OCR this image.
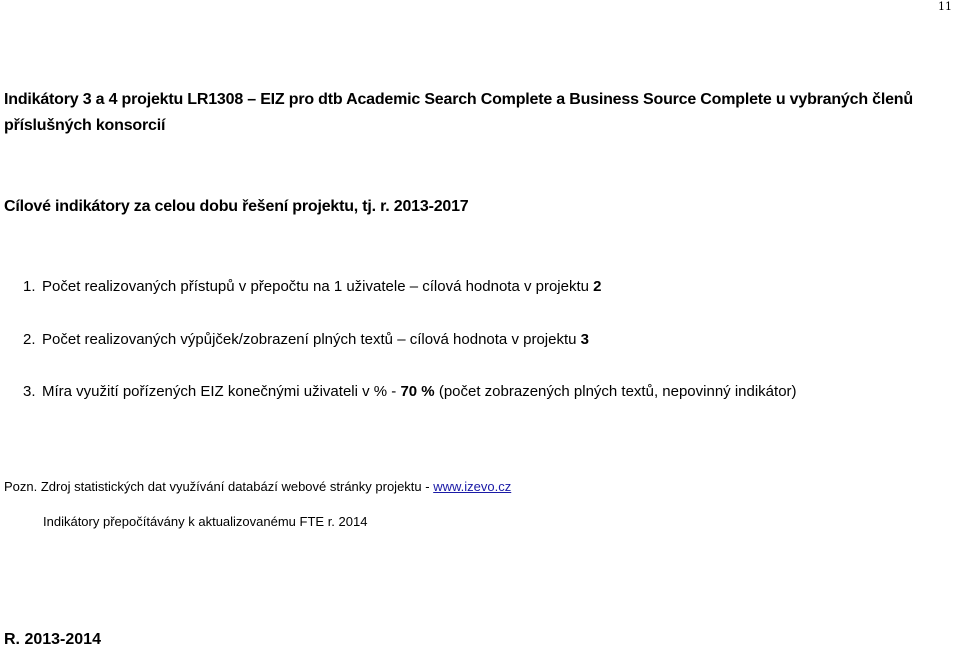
11
Indikátory 3 a 4 projektu LR1308 – EIZ pro dtb Academic Search Complete a Business Source Complete u vybraných členů příslušných konsorcií
Cílové indikátory za celou dobu řešení projektu, tj. r. 2013-2017
1. Počet realizovaných přístupů v přepočtu na 1 uživatele – cílová hodnota v projektu 2
2. Počet realizovaných výpůjček/zobrazení plných textů – cílová hodnota v projektu 3
3. Míra využití pořízených EIZ konečnými uživateli v % - 70 % (počet zobrazených plných textů, nepovinný indikátor)
Pozn. Zdroj statistických dat využívání databází webové stránky projektu - www.izevo.cz
Indikátory přepočítávány k aktualizovanému FTE r. 2014
R. 2013-2014
